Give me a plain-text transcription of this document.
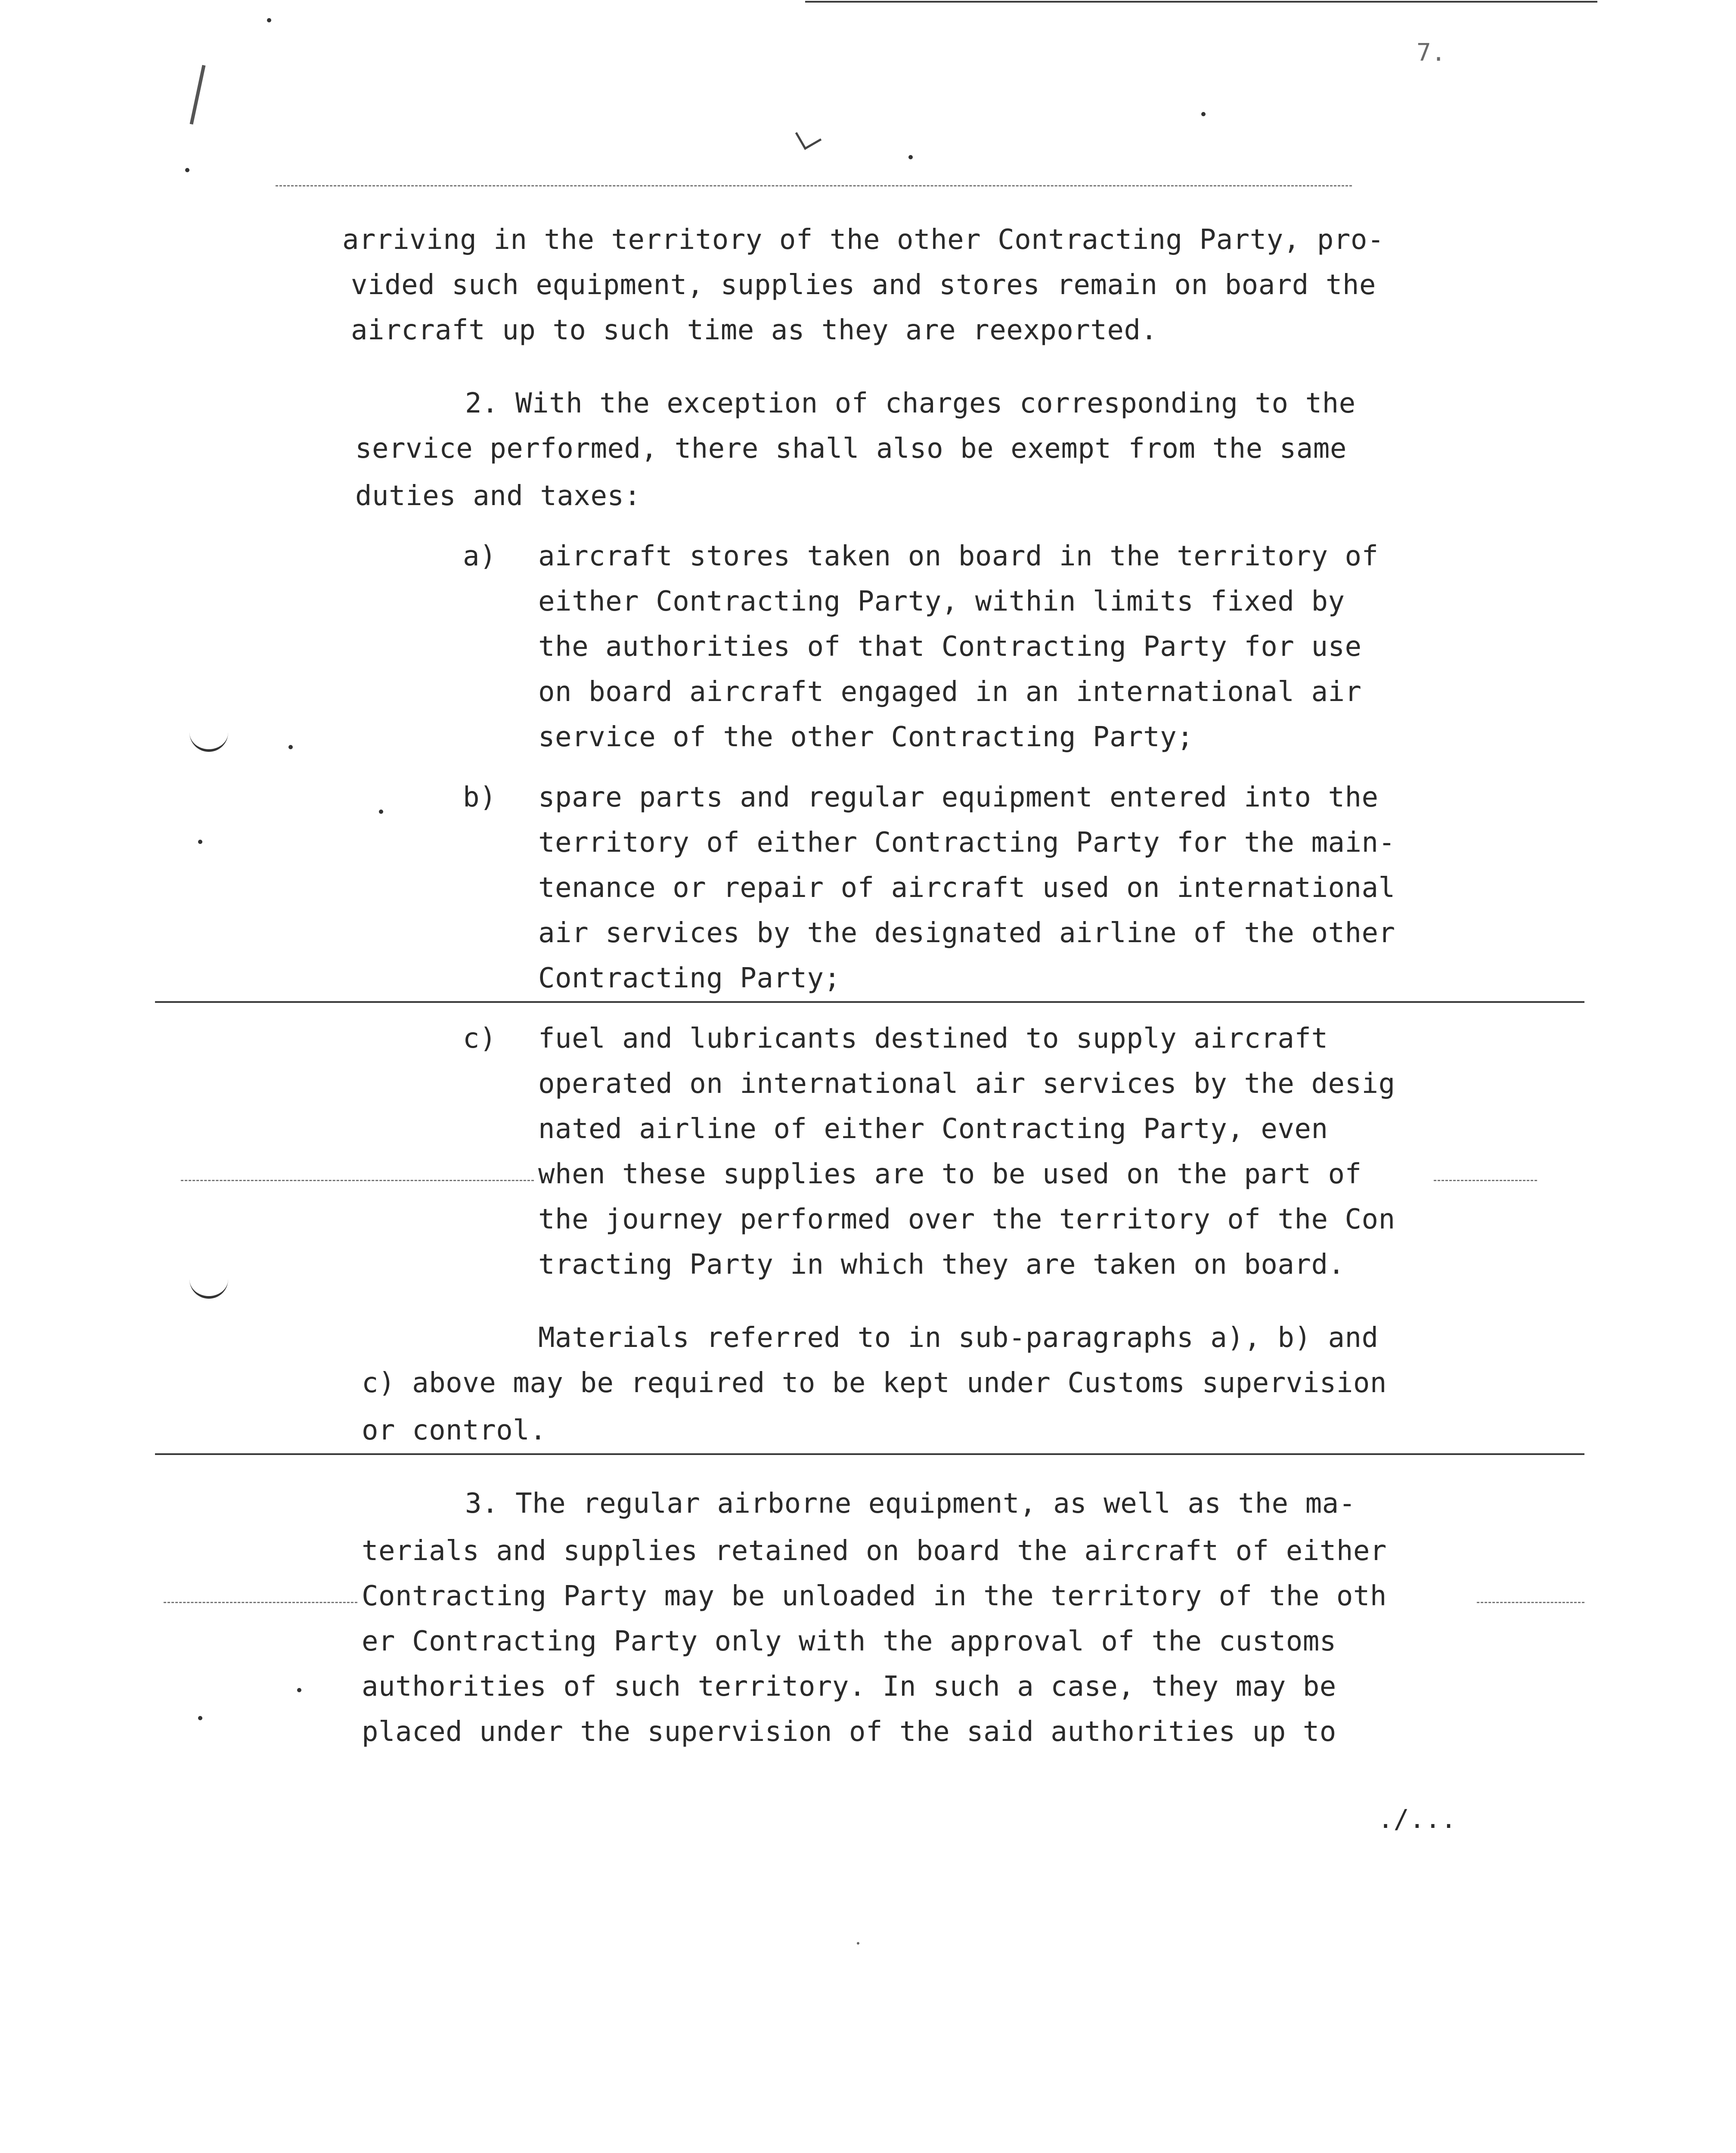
7.
arriving in the territory of the other Contracting Party, pro-
vided such equipment, supplies and stores remain on board the
aircraft up to such time as they are reexported.
2. With the exception of charges corresponding to the
service performed, there shall also be exempt from the same
duties and taxes:
a) aircraft stores taken on board in the territory of
either Contracting Party, within limits fixed by
the authorities of that Contracting Party for use
on board aircraft engaged in an international air
service of the other Contracting Party;
b) spare parts and regular equipment entered into the
territory of either Contracting Party for the main-
tenance or repair of aircraft used on international
air services by the designated airline of the other
Contracting Party;
c) fuel and lubricants destined to supply aircraft
operated on international air services by the desig
nated airline of either Contracting Party, even
when these supplies are to be used on the part of
the journey performed over the territory of the Con
tracting Party in which they are taken on board.
Materials referred to in sub-paragraphs a), b) and
c) above may be required to be kept under Customs supervision
or control.
3. The regular airborne equipment, as well as the ma-
terials and supplies retained on board the aircraft of either
Contracting Party may be unloaded in the territory of the oth
er Contracting Party only with the approval of the customs
authorities of such territory. In such a case, they may be
placed under the supervision of the said authorities up to
./...
